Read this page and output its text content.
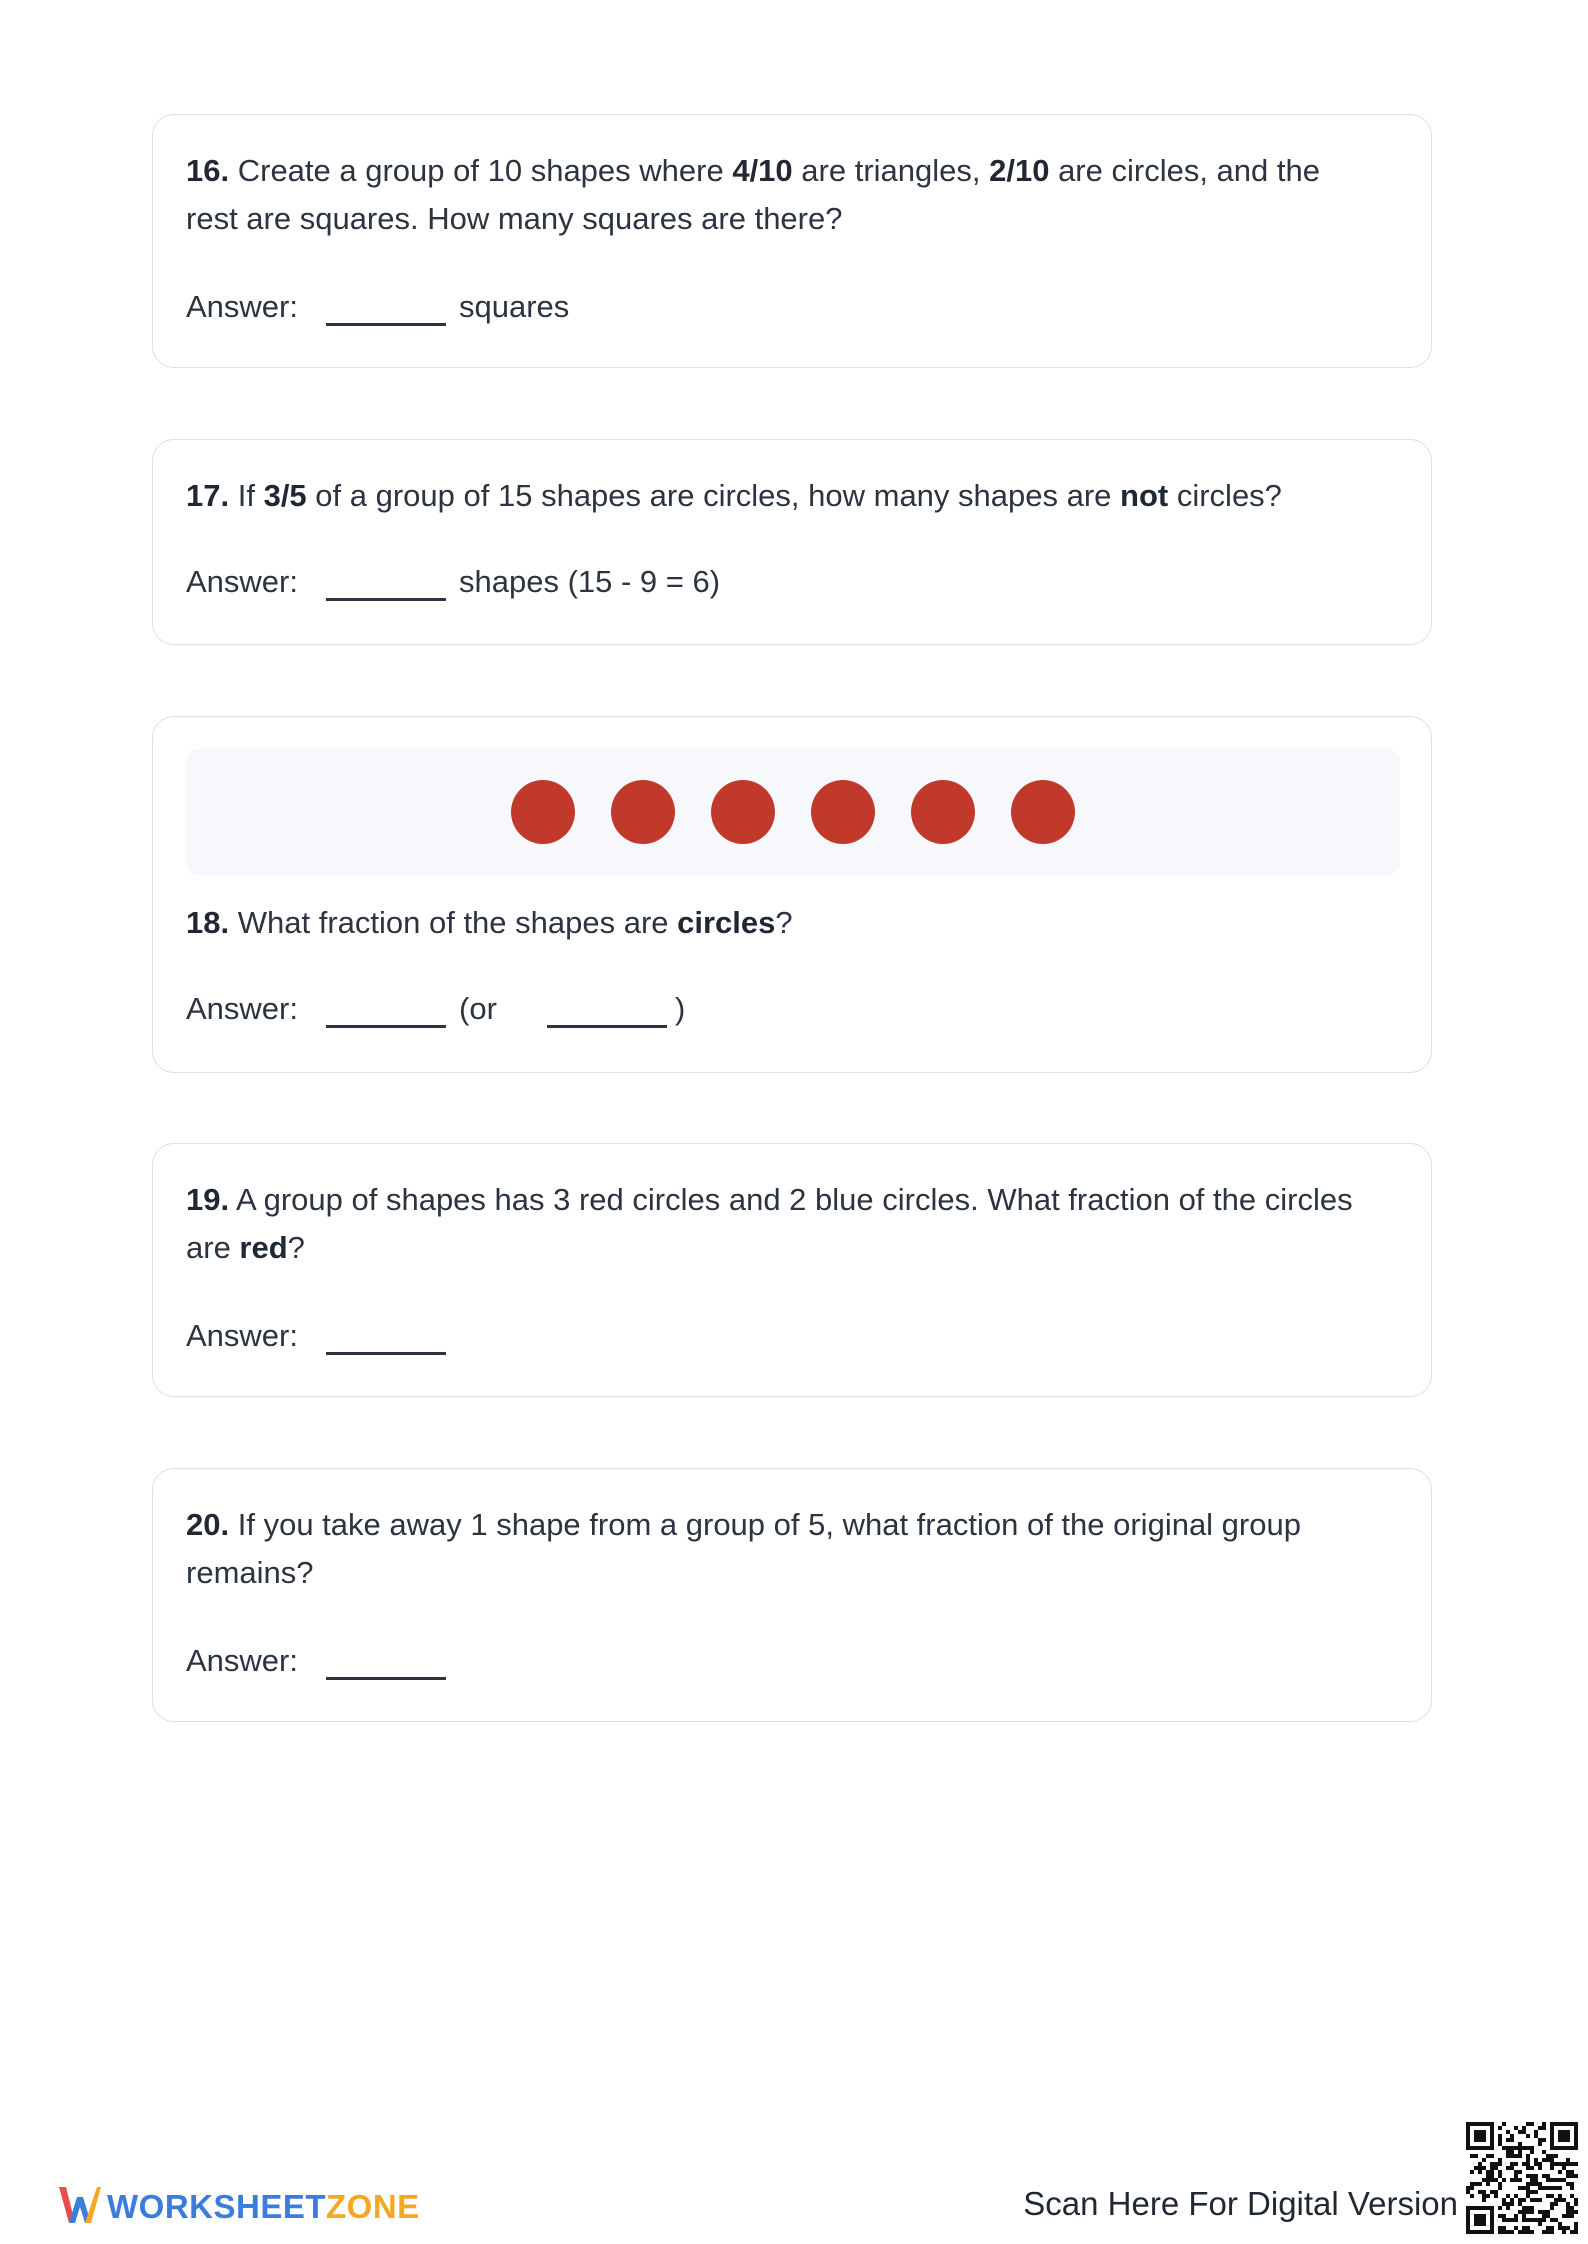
16. Create a group of 10 shapes where 4/10 are triangles, 2/10 are circles, and the rest are squares. How many squares are there?
Answer:	squares
17. If 3/5 of a group of 15 shapes are circles, how many shapes are not circles?
Answer:	shapes (15 - 9 = 6)
18. What fraction of the shapes are circles?
Answer:	(or	)
19. A group of shapes has 3 red circles and 2 blue circles. What fraction of the circles are red?
Answer:
20. If you take away 1 shape from a group of 5, what fraction of the original group remains?
Answer:
WORKSHEETZONE	Scan Here For Digital Version
